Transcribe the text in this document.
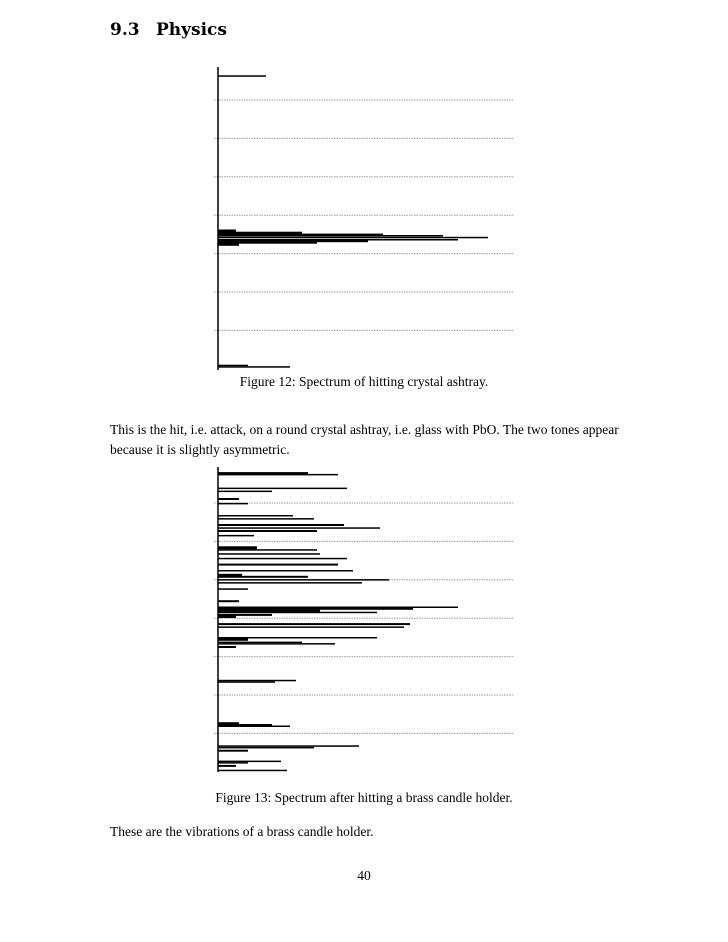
9.3 Physics
Figure 12: Spectrum of hitting crystal ashtray.

This is the hit, i.e. attack, on a round crystal ashtray, i.e. glass with PbO. The two tones appear because it is slightly asymmetric.

Figure 13: Spectrum after hitting a brass candle holder.

These are the vibrations of a brass candle holder.

40
